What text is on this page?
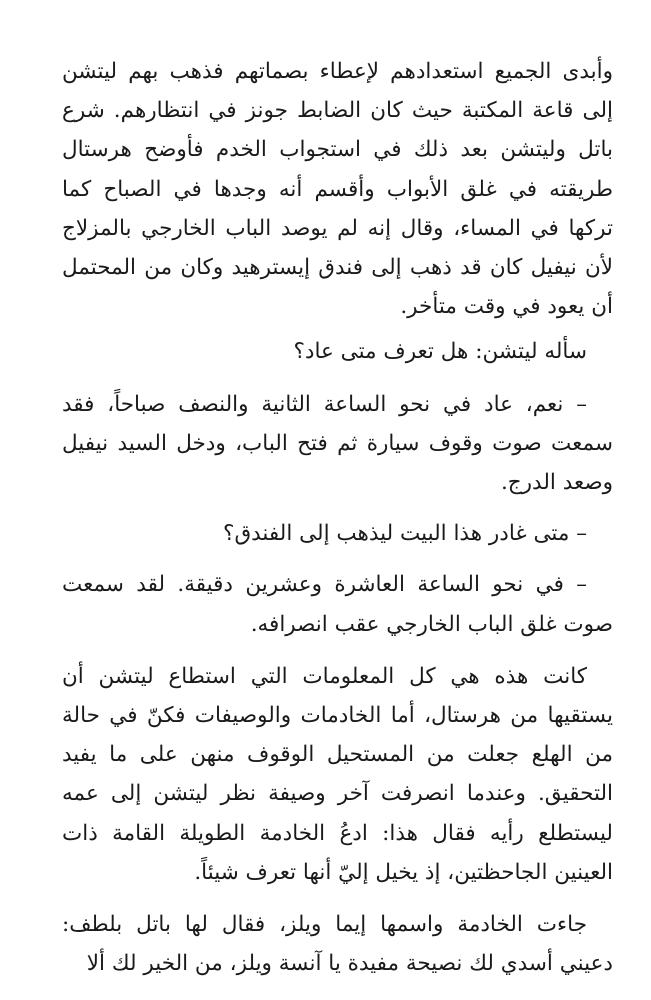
وأبدى الجميع استعدادهم لإعطاء بصماتهم فذهب بهم ليتشن إلى قاعة المكتبة حيث كان الضابط جونز في انتظارهم. شرع باتل وليتشن بعد ذلك في استجواب الخدم فأوضح هرستال طريقته في غلق الأبواب وأقسم أنه وجدها في الصباح كما تركها في المساء، وقال إنه لم يوصد الباب الخارجي بالمزلاج لأن نيفيل كان قد ذهب إلى فندق إيسترهيد وكان من المحتمل أن يعود في وقت متأخر.

سأله ليتشن: هل تعرف متى عاد؟

– نعم، عاد في نحو الساعة الثانية والنصف صباحاً، فقد سمعت صوت وقوف سيارة ثم فتح الباب، ودخل السيد نيفيل وصعد الدرج.

– متى غادر هذا البيت ليذهب إلى الفندق؟

– في نحو الساعة العاشرة وعشرين دقيقة. لقد سمعت صوت غلق الباب الخارجي عقب انصرافه.

كانت هذه هي كل المعلومات التي استطاع ليتشن أن يستقيها من هرستال، أما الخادمات والوصيفات فكنّ في حالة من الهلع جعلت من المستحيل الوقوف منهن على ما يفيد التحقيق. وعندما انصرفت آخر وصيفة نظر ليتشن إلى عمه ليستطلع رأيه فقال هذا: ادعُ الخادمة الطويلة القامة ذات العينين الجاحظتين، إذ يخيل إليّ أنها تعرف شيئاً.

جاءت الخادمة واسمها إيما ويلز، فقال لها باتل بلطف: دعيني أسدي لك نصيحة مفيدة يا آنسة ويلز، من الخير لك ألا
